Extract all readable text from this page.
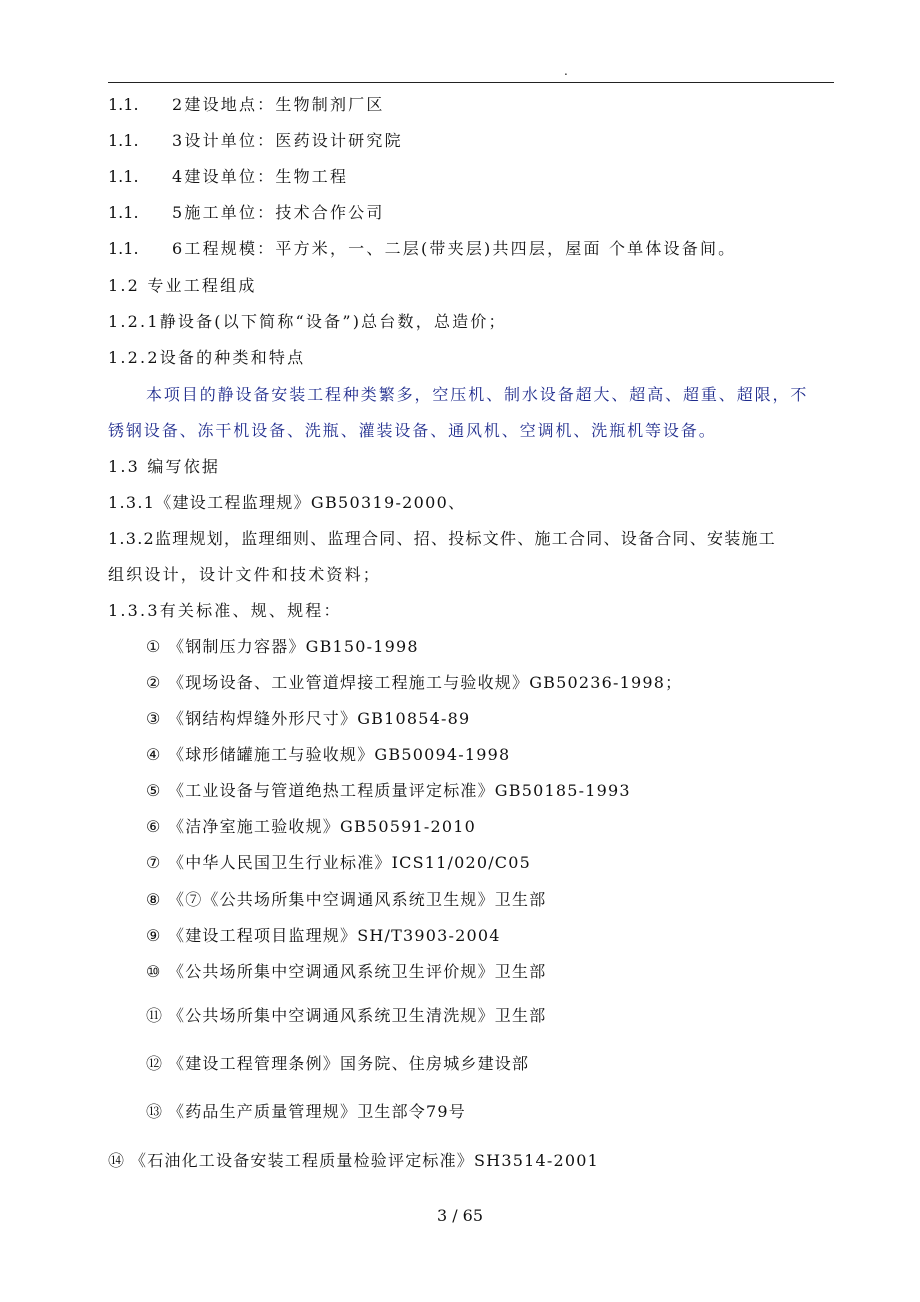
.
1.1. 2建设地点：生物制剂厂区
1.1. 3设计单位：医药设计研究院
1.1. 4建设单位：生物工程
1.1. 5施工单位：技术合作公司
1.1. 6工程规模：平方米，一、二层(带夹层)共四层，屋面 个单体设备间。
1.2 专业工程组成
1.2.1静设备(以下简称“设备”)总台数，总造价；
1.2.2设备的种类和特点
本项目的静设备安装工程种类繁多，空压机、制水设备超大、超高、超重、超限，不
锈钢设备、冻干机设备、洗瓶、灌装设备、通风机、空调机、洗瓶机等设备。
1.3 编写依据
1.3.1《建设工程监理规》GB50319-2000、
1.3.2监理规划，监理细则、监理合同、招、投标文件、施工合同、设备合同、安装施工
组织设计，设计文件和技术资料；
1.3.3有关标准、规、规程：
① 《钢制压力容器》GB150-1998
② 《现场设备、工业管道焊接工程施工与验收规》GB50236-1998；
③ 《钢结构焊缝外形尺寸》GB10854-89
④ 《球形储罐施工与验收规》GB50094-1998
⑤ 《工业设备与管道绝热工程质量评定标准》GB50185-1993
⑥ 《洁净室施工验收规》GB50591-2010
⑦ 《中华人民国卫生行业标准》ICS11/020/C05
⑧ 《⑦《公共场所集中空调通风系统卫生规》卫生部
⑨ 《建设工程项目监理规》SH/T3903-2004
⑩ 《公共场所集中空调通风系统卫生评价规》卫生部
⑪ 《公共场所集中空调通风系统卫生清洗规》卫生部
⑫ 《建设工程管理条例》国务院、住房城乡建设部
⑬ 《药品生产质量管理规》卫生部令79号
⑭ 《石油化工设备安装工程质量检验评定标准》SH3514-2001
3 / 65
